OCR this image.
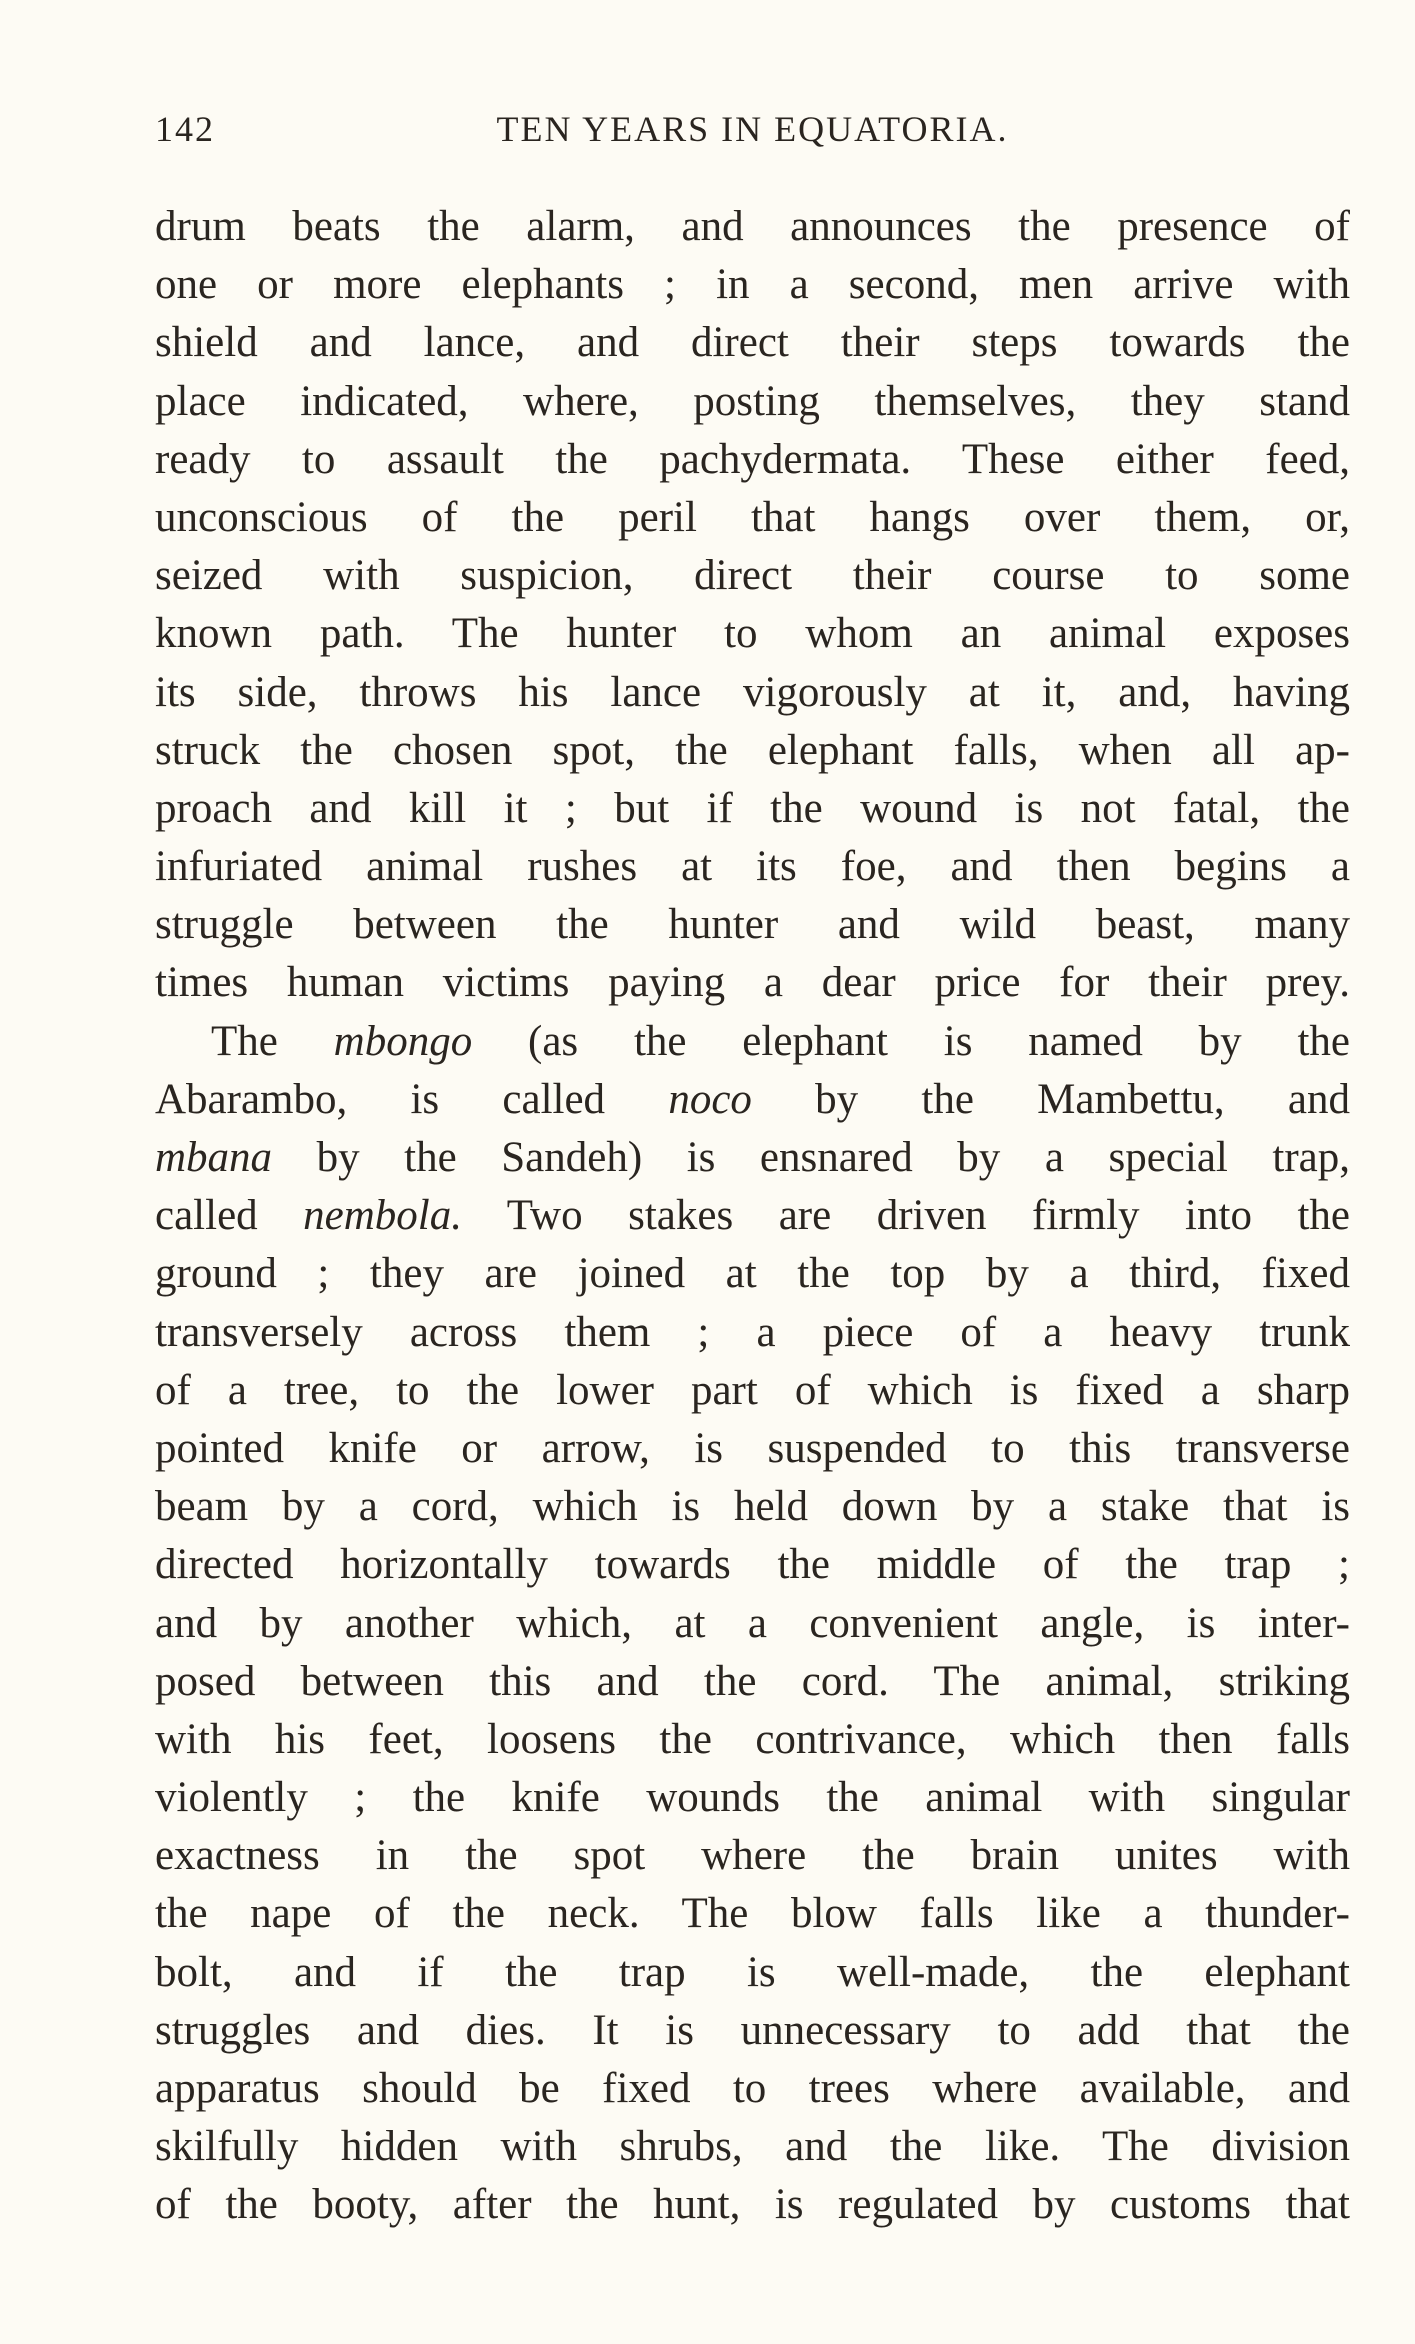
142	TEN YEARS IN EQUATORIA.
drum beats the alarm, and announces the presence of
one or more elephants ; in a second, men arrive with
shield and lance, and direct their steps towards the
place indicated, where, posting themselves, they stand
ready to assault the pachydermata. These either feed,
unconscious of the peril that hangs over them, or,
seized with suspicion, direct their course to some
known path. The hunter to whom an animal exposes
its side, throws his lance vigorously at it, and, having
struck the chosen spot, the elephant falls, when all ap-
proach and kill it ; but if the wound is not fatal, the
infuriated animal rushes at its foe, and then begins a
struggle between the hunter and wild beast, many
times human victims paying a dear price for their prey.
The mbongo (as the elephant is named by the
Abarambo, is called noco by the Mambettu, and
mbana by the Sandeh) is ensnared by a special trap,
called nembola. Two stakes are driven firmly into the
ground ; they are joined at the top by a third, fixed
transversely across them ; a piece of a heavy trunk
of a tree, to the lower part of which is fixed a sharp
pointed knife or arrow, is suspended to this transverse
beam by a cord, which is held down by a stake that is
directed horizontally towards the middle of the trap ;
and by another which, at a convenient angle, is inter-
posed between this and the cord. The animal, striking
with his feet, loosens the contrivance, which then falls
violently ; the knife wounds the animal with singular
exactness in the spot where the brain unites with
the nape of the neck. The blow falls like a thunder-
bolt, and if the trap is well-made, the elephant
struggles and dies. It is unnecessary to add that the
apparatus should be fixed to trees where available, and
skilfully hidden with shrubs, and the like. The division
of the booty, after the hunt, is regulated by customs that
